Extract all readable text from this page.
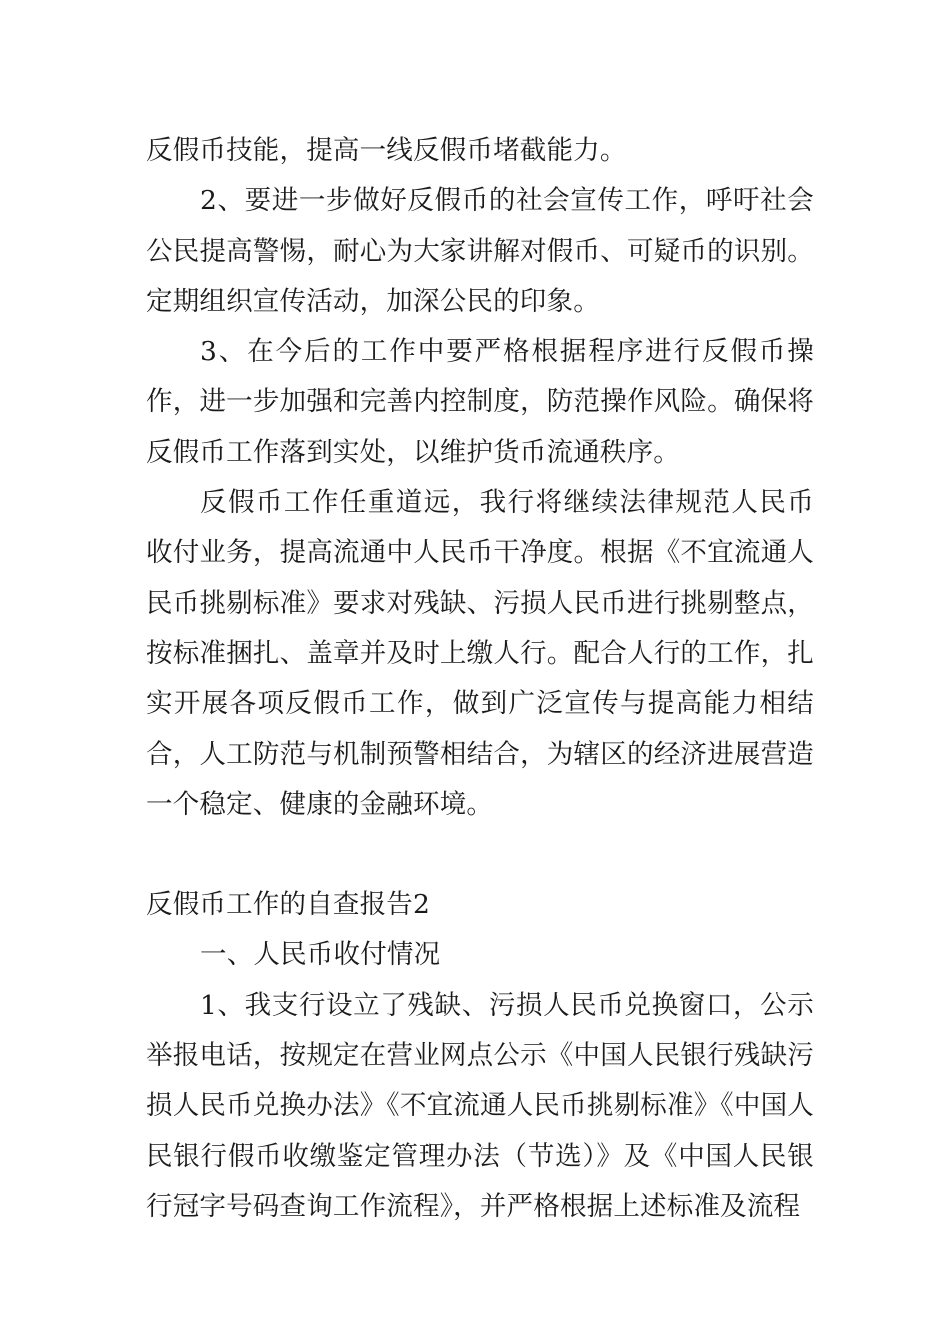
反假币技能，提高一线反假币堵截能力。

2、要进一步做好反假币的社会宣传工作，呼吁社会公民提高警惕，耐心为大家讲解对假币、可疑币的识别。定期组织宣传活动，加深公民的印象。

3、在今后的工作中要严格根据程序进行反假币操作，进一步加强和完善内控制度，防范操作风险。确保将反假币工作落到实处，以维护货币流通秩序。

反假币工作任重道远，我行将继续法律规范人民币收付业务，提高流通中人民币干净度。根据《不宜流通人民币挑剔标准》要求对残缺、污损人民币进行挑剔整点，按标准捆扎、盖章并及时上缴人行。配合人行的工作，扎实开展各项反假币工作，做到广泛宣传与提高能力相结合，人工防范与机制预警相结合，为辖区的经济进展营造一个稳定、健康的金融环境。

反假币工作的自查报告2

一、人民币收付情况

1、我支行设立了残缺、污损人民币兑换窗口，公示举报电话，按规定在营业网点公示《中国人民银行残缺污损人民币兑换办法》《不宜流通人民币挑剔标准》《中国人民银行假币收缴鉴定管理办法（节选）》及《中国人民银行冠字号码查询工作流程》，并严格根据上述标准及流程
